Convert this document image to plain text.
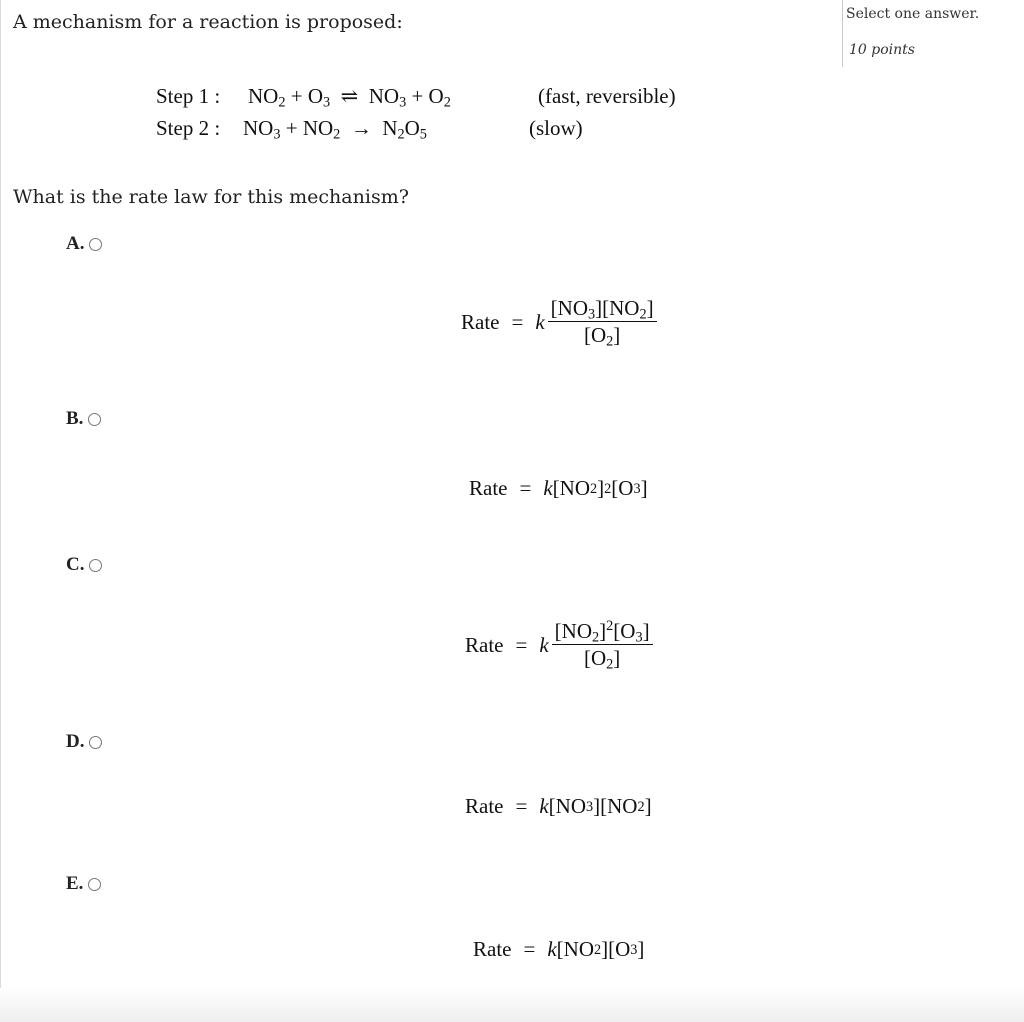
A mechanism for a reaction is proposed:	Select one answer.
10 points
Step 1 : $NO_2 + O_3$  ⇌  $NO_3 + O_2$	(fast, reversible)
Step 2 : $NO_3 + NO_2 \to N_2O_5$	(slow)
What is the rate law for this mechanism?
A.
Rate = k $\frac{[NO_3][NO_2]}{[O_2]}$
B.
Rate = k [NO 2 ] 2 [O 3 ]
C.
Rate = k $\frac{[NO_2]^2[O_3]}{[O_2]}$
D.
Rate = k [NO 3 ][NO 2 ]
E.
Rate = k [NO 2 ][O 3 ]
